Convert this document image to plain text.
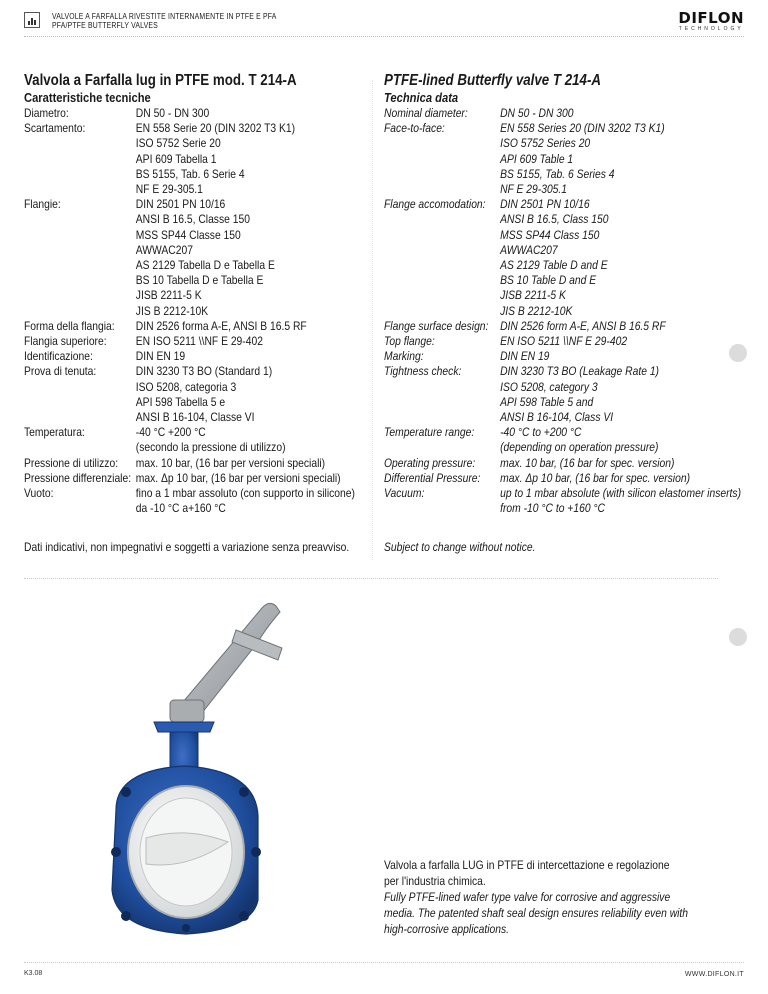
VALVOLE A FARFALLA RIVESTITE INTERNAMENTE IN PTFE E PFA
PFA/PTFE BUTTERFLY VALVES	DIFLON
TECHNOLOGY
Valvola a Farfalla lug in PTFE mod. T 214-A
Caratteristiche tecniche
Diametro:	DN 50 - DN 300
Scartamento:	EN 558 Serie 20 (DIN 3202 T3 K1)
ISO 5752 Serie 20
API 609 Tabella 1
BS 5155, Tab. 6 Serie 4
NF E 29-305.1
Flangie:	DIN 2501 PN 10/16
ANSI B 16.5, Classe 150
MSS SP44 Classe 150
AWWAC207
AS 2129 Tabella D e Tabella E
BS 10 Tabella D e Tabella E
JISB 2211-5 K
JIS B 2212-10K
Forma della flangia:	DIN 2526 forma A-E, ANSI B 16.5 RF
Flangia superiore:	EN ISO 5211 \\NF E 29-402
Identificazione:	DIN EN 19
Prova di tenuta:	DIN 3230 T3 BO (Standard 1)
ISO 5208, categoria 3
API 598 Tabella 5 e
ANSI B 16-104, Classe VI
Temperatura:	-40 °C +200 °C
(secondo la pressione di utilizzo)
Pressione di utilizzo:	max. 10 bar, (16 bar per versioni speciali)
Pressione differenziale: max. Δp 10 bar, (16 bar per versioni speciali)
Vuoto:	fino a 1 mbar assoluto (con supporto in silicone)
da -10 °C a+160 °C
PTFE-lined Butterfly valve T 214-A
Technica data
Nominal diameter:	DN 50 - DN 300
Face-to-face:	EN 558 Series 20 (DIN 3202 T3 K1)
ISO 5752 Series 20
API 609 Table 1
BS 5155, Tab. 6 Series 4
NF E 29-305.1
Flange accomodation:	DIN 2501 PN 10/16
ANSI B 16.5, Class 150
MSS SP44 Class 150
AWWAC207
AS 2129 Table D and E
BS 10 Table D and E
JISB 2211-5 K
JIS B 2212-10K
Flange surface design: DIN 2526 form A-E, ANSI B 16.5 RF
Top flange:	EN ISO 5211 \\NF E 29-402
Marking:	DIN EN 19
Tightness check:	DIN 3230 T3 BO (Leakage Rate 1)
ISO 5208, category 3
API 598 Table 5 and
ANSI B 16-104, Class VI
Temperature range:	-40 °C to +200 °C
(depending on operation pressure)
Operating pressure:	max. 10 bar, (16 bar for spec. version)
Differential Pressure:	max. Δp 10 bar, (16 bar for spec. version)
Vacuum:	up to 1 mbar absolute (with silicon elastomer inserts)
from -10 °C to +160 °C
Dati indicativi, non impegnativi e soggetti a variazione senza preavviso.	Subject to change without notice.
Valvola a farfalla LUG in PTFE di intercettazione e regolazione
per l'industria chimica.
Fully PTFE-lined wafer type valve for corrosive and aggressive
media. The patented shaft seal design ensures reliability even with
high-corrosive applications.
K3.08	WWW.DIFLON.IT
